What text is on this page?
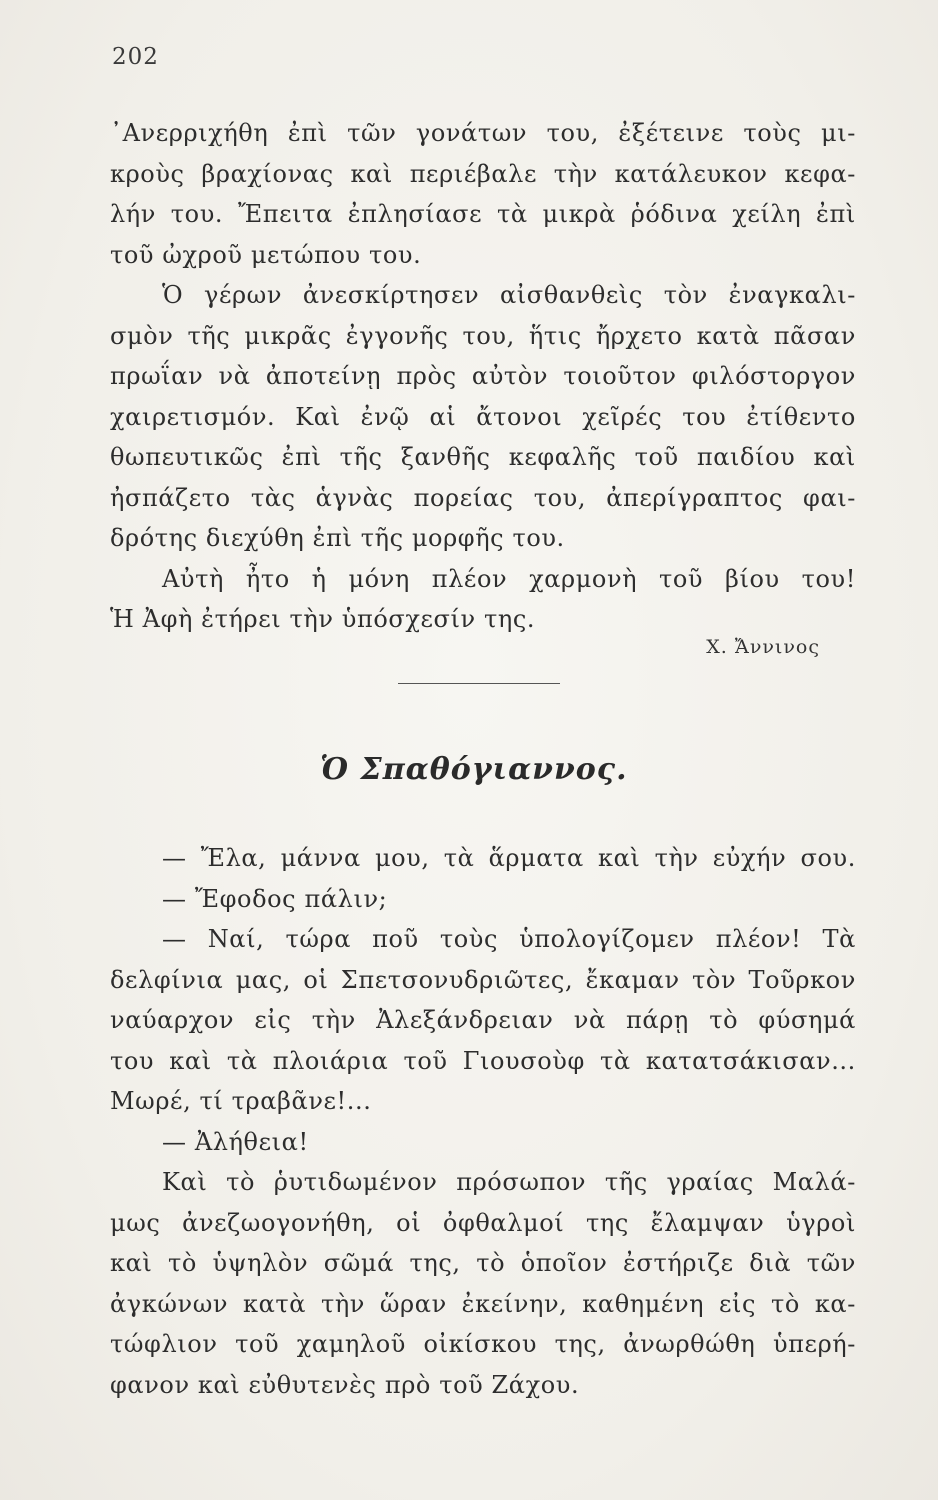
202
᾿Ανερριχήθη ἐπὶ τῶν γονάτων του, ἐξέτεινε τοὺς μι-
κροὺς βραχίονας καὶ περιέβαλε τὴν κατάλευκον κεφα-
λήν του. Ἔπειτα ἐπλησίασε τὰ μικρὰ ῥόδινα χείλη ἐπὶ
τοῦ ὠχροῦ μετώπου του.
Ὁ γέρων ἀνεσκίρτησεν αἰσθανθεὶς τὸν ἐναγκαλι-
σμὸν τῆς μικρᾶς ἐγγονῆς του, ἥτις ἤρχετο κατὰ πᾶσαν
πρωΐαν νὰ ἀποτείνῃ πρὸς αὐτὸν τοιοῦτον φιλόστοργον
χαιρετισμόν. Καὶ ἐνῷ αἱ ἄτονοι χεῖρές του ἐτίθεντο
θωπευτικῶς ἐπὶ τῆς ξανθῆς κεφαλῆς τοῦ παιδίου καὶ
ἠσπάζετο τὰς ἁγνὰς πορείας του, ἀπερίγραπτος φαι-
δρότης διεχύθη ἐπὶ τῆς μορφῆς του.
Αὐτὴ ἦτο ἡ μόνη πλέον χαρμονὴ τοῦ βίου του!
Ἡ Ἀφὴ ἐτήρει τὴν ὑπόσχεσίν της.
Χ. Ἄννινος
Ὁ Σπαθόγιαννος.
— Ἔλα, μάννα μου, τὰ ἅρματα καὶ τὴν εὐχήν σου.
— Ἔφοδος πάλιν;
— Ναί, τώρα ποῦ τοὺς ὑπολογίζομεν πλέον! Τὰ
δελφίνια μας, οἱ Σπετσονυδριῶτες, ἔκαμαν τὸν Τοῦρκον
ναύαρχον εἰς τὴν Ἀλεξάνδρειαν νὰ πάρῃ τὸ φύσημά
του καὶ τὰ πλοιάρια τοῦ Γιουσοὺφ τὰ κατατσάκισαν...
Μωρέ, τί τραβᾶνε!...
— Ἀλήθεια!
Καὶ τὸ ῥυτιδωμένον πρόσωπον τῆς γραίας Μαλά-
μως ἀνεζωογονήθη, οἱ ὀφθαλμοί της ἔλαμψαν ὑγροὶ
καὶ τὸ ὑψηλὸν σῶμά της, τὸ ὁποῖον ἐστήριζε διὰ τῶν
ἀγκώνων κατὰ τὴν ὥραν ἐκείνην, καθημένη εἰς τὸ κα-
τώφλιον τοῦ χαμηλοῦ οἰκίσκου της, ἀνωρθώθη ὑπερή-
φανον καὶ εὐθυτενὲς πρὸ τοῦ Ζάχου.
